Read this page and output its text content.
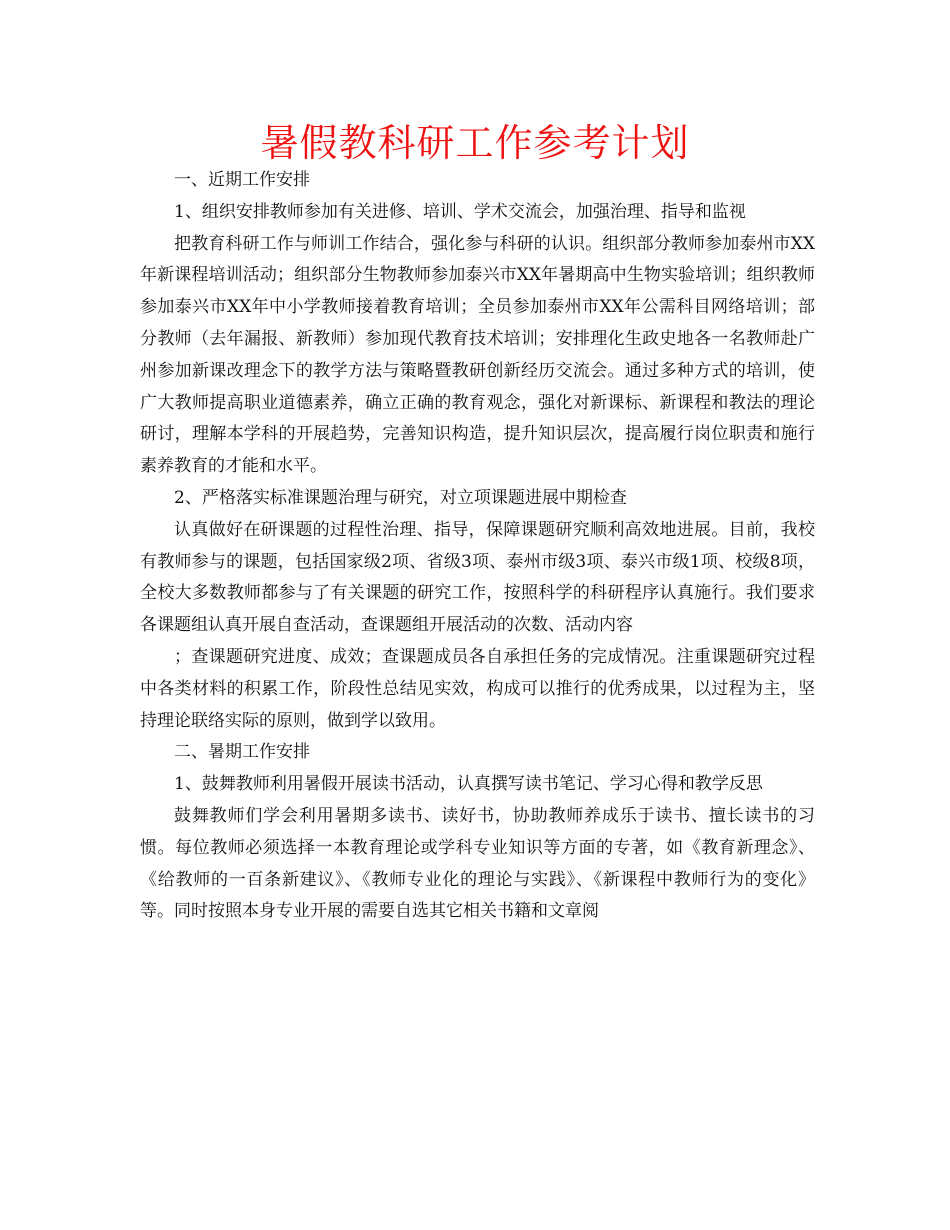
暑假教科研工作参考计划

一、近期工作安排

1、组织安排教师参加有关进修、培训、学术交流会，加强治理、指导和监视

把教育科研工作与师训工作结合，强化参与科研的认识。组织部分教师参加泰州市XX年新课程培训活动；组织部分生物教师参加泰兴市XX年暑期高中生物实验培训；组织教师参加泰兴市XX年中小学教师接着教育培训；全员参加泰州市XX年公需科目网络培训；部分教师（去年漏报、新教师）参加现代教育技术培训；安排理化生政史地各一名教师赴广州参加新课改理念下的教学方法与策略暨教研创新经历交流会。通过多种方式的培训，使广大教师提高职业道德素养，确立正确的教育观念，强化对新课标、新课程和教法的理论研讨，理解本学科的开展趋势，完善知识构造，提升知识层次，提高履行岗位职责和施行素养教育的才能和水平。

2、严格落实标准课题治理与研究，对立项课题进展中期检查

认真做好在研课题的过程性治理、指导，保障课题研究顺利高效地进展。目前，我校有教师参与的课题，包括国家级2项、省级3项、泰州市级3项、泰兴市级1项、校级8项，全校大多数教师都参与了有关课题的研究工作，按照科学的科研程序认真施行。我们要求各课题组认真开展自查活动，查课题组开展活动的次数、活动内容

；查课题研究进度、成效；查课题成员各自承担任务的完成情况。注重课题研究过程中各类材料的积累工作，阶段性总结见实效，构成可以推行的优秀成果，以过程为主，坚持理论联络实际的原则，做到学以致用。

二、暑期工作安排

1、鼓舞教师利用暑假开展读书活动，认真撰写读书笔记、学习心得和教学反思

鼓舞教师们学会利用暑期多读书、读好书，协助教师养成乐于读书、擅长读书的习惯。每位教师必须选择一本教育理论或学科专业知识等方面的专著，如《教育新理念》、《给教师的一百条新建议》、《教师专业化的理论与实践》、《新课程中教师行为的变化》等。同时按照本身专业开展的需要自选其它相关书籍和文章阅
